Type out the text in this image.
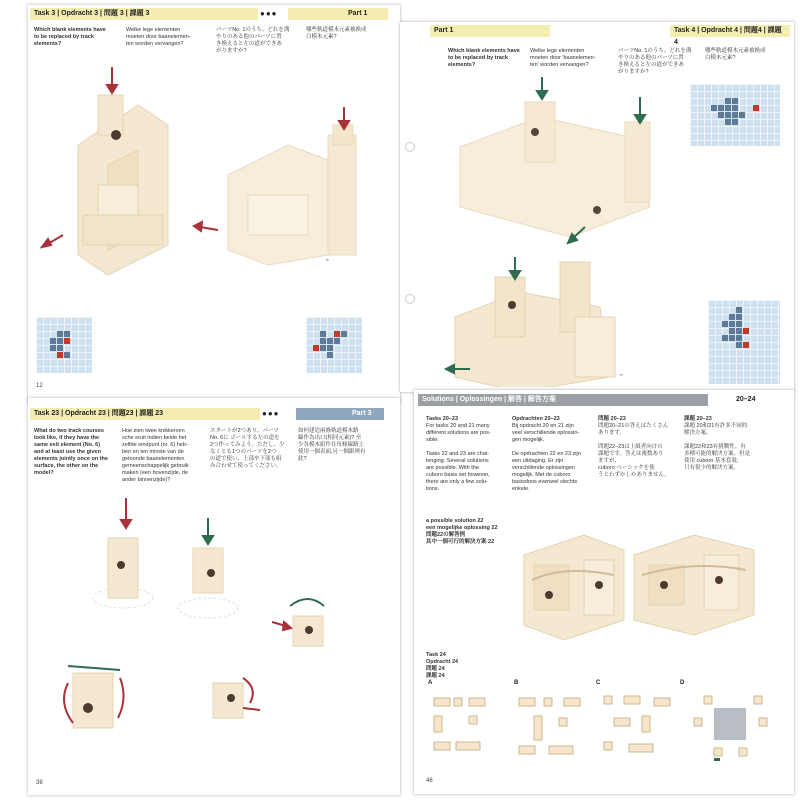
Task 3 | Opdracht 3 | 問題 3 | 課題 3	●●●	Part 1
Which blank elements have
to be replaced by track
elements?
Welke lege elementen
moeten door baanelemen-
ten worden vervangen?
パーツNo. 1のうち、どれを溝
やりのある他のパーツに置
き換えると左の道ができあ
がりますか?
哪些軌道模木元素被換成
白模木元素?
▪▪
12
Part 1	Task 4 | Opdracht 4 | 問題4 | 課題 4
Which blank elements have
to be replaced by track
elements?
Welke lege elementen
moeten door 'baanelemen-
ten' worden vervangen?
パーツNo. 1のうち、どれを溝
やりのある他のパーツに置
き換えると左の道ができあ
がりますか?
哪些軌道模木元素被換成
白模木元素?
▪▪
Task 23 | Opdracht 23 | 問題23 | 課題 23	●●●	Part 3
What do two track courses
look like, if they have the
same exit element (No. 6)
and at least use the given
elements jointly once on the
surface, the other on the
model?
Hoe zien twee knikkerven
sche eruit indien beide het
zelfde eindpunt (nr. 6) heb-
ben en ten minste van de
getoonde baanelementen
gemeenschappelijk gebruik
maken (een bovenzijde, de
ander binnenzijde)?
スタートが2つあり、パーツ
No. 6に ゴールする左の道を
2つ作ってみよう。ただし、少
なくとも1つのパーツを2つ
の道で使い、上部や下部も組
み合わせて使ってください。
如何建造兩條軌道模木路
線作為出口(相同元素)? 至
少各模木組件在每條線路上
使用一個表面,另一個跟裡有
此?
38
Solutions | Oplossingen | 解答 | 解答方案	20–24
Tasks 20–23
For tasks 20 and 21 many
different solutions are pos-
sible.

Tasks 22 and 23 are chal-
lenging. Several solutions
are possible. With the
cuboro basis set however,
there are only a few solu-
tions.
Opdrachten 20–23
Bij opdracht 20 en 21 zijn
veel verschillende oplossin-
gen mogelijk.

De opdrachten 22 en 23 zijn
een uitdaging. Er zijn
verschillende oplossingen
mogelijk. Met de cuboro
basisdoos evenwel slechts
enkele.
問題 20–23
問題20–21の答えはたくさん
あります。

問題22–23は上級者向けの
課題です。答えは複数あり
ますが、
cuboro ベーシックを使
うとわずかしかありません。
課題 20–23
課題 20和21有許多不同的
解決方案。

課題22和23有挑戰性。有
多種可能的解決方案。但是
使用 cuboro 基本套裝,
只有很少的解決方案。
a possible solution 22
een mogelijke oplossing 22
問題22の解答例
其中一個可行的解決方案 22
Task 24
Opdracht 24
問題 24
課題 24
A	B	C	D
46
